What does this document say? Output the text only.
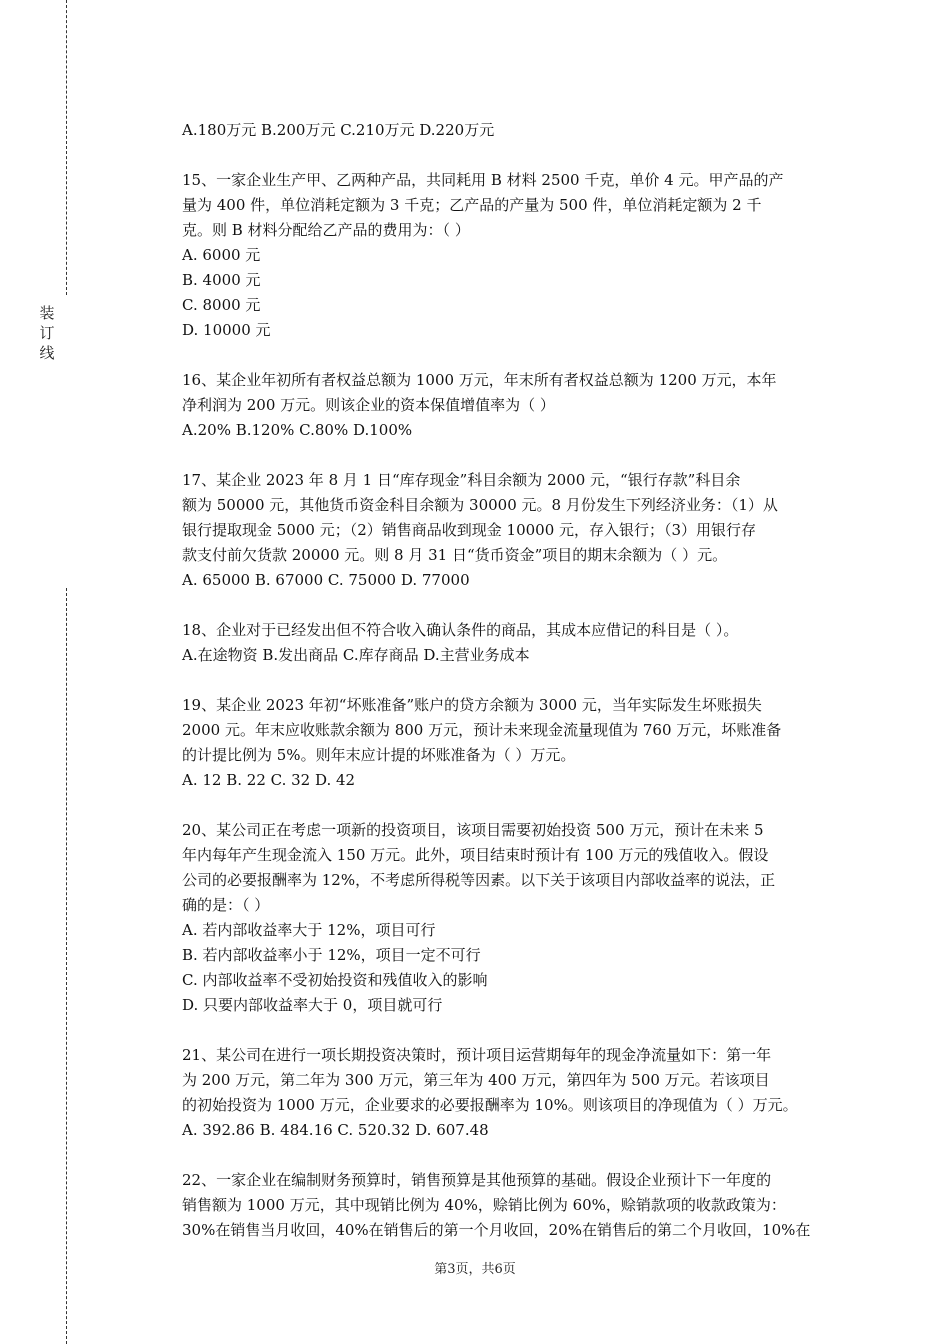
装
订
线

A.180万元 B.200万元 C.210万元 D.220万元

15、一家企业生产甲、乙两种产品，共同耗用 B 材料 2500 千克，单价 4 元。甲产品的产

量为 400 件，单位消耗定额为 3 千克；乙产品的产量为 500 件，单位消耗定额为 2 千

克。则 B 材料分配给乙产品的费用为：（ ）

A. 6000 元

B. 4000 元

C. 8000 元

D. 10000 元

16、某企业年初所有者权益总额为 1000 万元，年末所有者权益总额为 1200 万元，本年

净利润为 200 万元。则该企业的资本保值增值率为（ ）

A.20% B.120% C.80% D.100%

17、某企业 2023 年 8 月 1 日“库存现金”科目余额为 2000 元，“银行存款”科目余

额为 50000 元，其他货币资金科目余额为 30000 元。8 月份发生下列经济业务：（1）从

银行提取现金 5000 元；（2）销售商品收到现金 10000 元，存入银行；（3）用银行存

款支付前欠货款 20000 元。则 8 月 31 日“货币资金”项目的期末余额为（ ）元。

A. 65000 B. 67000 C. 75000 D. 77000

18、企业对于已经发出但不符合收入确认条件的商品，其成本应借记的科目是（ ）。

A.在途物资 B.发出商品 C.库存商品 D.主营业务成本

19、某企业 2023 年初“坏账准备”账户的贷方余额为 3000 元，当年实际发生坏账损失

2000 元。年末应收账款余额为 800 万元，预计未来现金流量现值为 760 万元，坏账准备

的计提比例为 5%。则年末应计提的坏账准备为（ ）万元。

A. 12 B. 22 C. 32 D. 42

20、某公司正在考虑一项新的投资项目，该项目需要初始投资 500 万元，预计在未来 5

年内每年产生现金流入 150 万元。此外，项目结束时预计有 100 万元的残值收入。假设

公司的必要报酬率为 12%，不考虑所得税等因素。以下关于该项目内部收益率的说法，正

确的是：（ ）

A. 若内部收益率大于 12%，项目可行

B. 若内部收益率小于 12%，项目一定不可行

C. 内部收益率不受初始投资和残值收入的影响

D. 只要内部收益率大于 0，项目就可行

21、某公司在进行一项长期投资决策时，预计项目运营期每年的现金净流量如下：第一年

为 200 万元，第二年为 300 万元，第三年为 400 万元，第四年为 500 万元。若该项目

的初始投资为 1000 万元，企业要求的必要报酬率为 10%。则该项目的净现值为（ ）万元。

A. 392.86 B. 484.16 C. 520.32 D. 607.48

22、一家企业在编制财务预算时，销售预算是其他预算的基础。假设企业预计下一年度的

销售额为 1000 万元，其中现销比例为 40%，赊销比例为 60%，赊销款项的收款政策为：

30%在销售当月收回，40%在销售后的第一个月收回，20%在销售后的第二个月收回，10%在

第3页，共6页
